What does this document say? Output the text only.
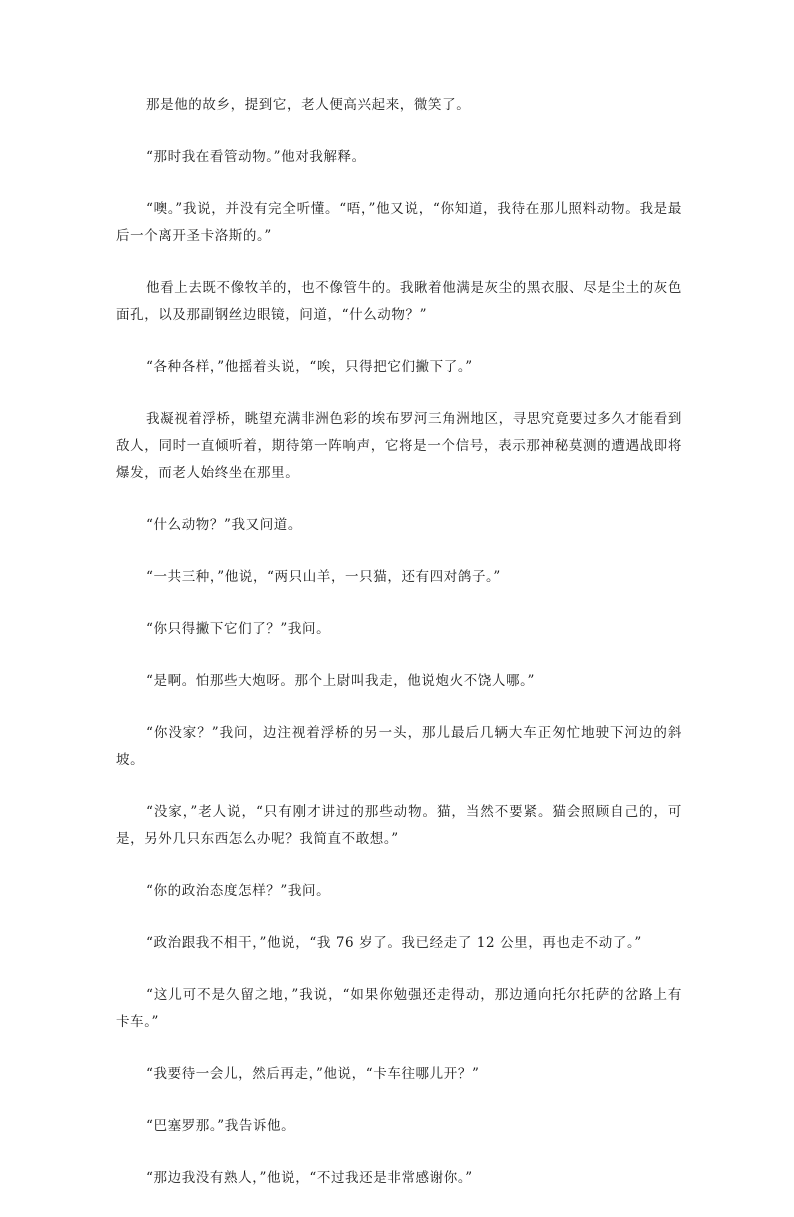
那是他的故乡，提到它，老人便高兴起来，微笑了。

“那时我在看管动物。”他对我解释。

“噢。”我说，并没有完全听懂。“唔，”他又说，“你知道，我待在那儿照料动物。我是最后一个离开圣卡洛斯的。”

他看上去既不像牧羊的，也不像管牛的。我瞅着他满是灰尘的黑衣服、尽是尘土的灰色面孔，以及那副钢丝边眼镜，问道，“什么动物？”

“各种各样，”他摇着头说，“唉，只得把它们撇下了。”

我凝视着浮桥，眺望充满非洲色彩的埃布罗河三角洲地区，寻思究竟要过多久才能看到敌人，同时一直倾听着，期待第一阵响声，它将是一个信号，表示那神秘莫测的遭遇战即将爆发，而老人始终坐在那里。

“什么动物？”我又问道。

“一共三种，”他说，“两只山羊，一只猫，还有四对鸽子。”

“你只得撇下它们了？”我问。

“是啊。怕那些大炮呀。那个上尉叫我走，他说炮火不饶人哪。”

“你没家？”我问，边注视着浮桥的另一头，那儿最后几辆大车正匆忙地驶下河边的斜坡。

“没家，”老人说，“只有刚才讲过的那些动物。猫，当然不要紧。猫会照顾自己的，可是，另外几只东西怎么办呢？我简直不敢想。”

“你的政治态度怎样？”我问。

“政治跟我不相干，”他说，“我 76 岁了。我已经走了 12 公里，再也走不动了。”

“这儿可不是久留之地，”我说，“如果你勉强还走得动，那边通向托尔托萨的岔路上有卡车。”

“我要待一会儿，然后再走，”他说，“卡车往哪儿开？”

“巴塞罗那。”我告诉他。

“那边我没有熟人，”他说，“不过我还是非常感谢你。”
